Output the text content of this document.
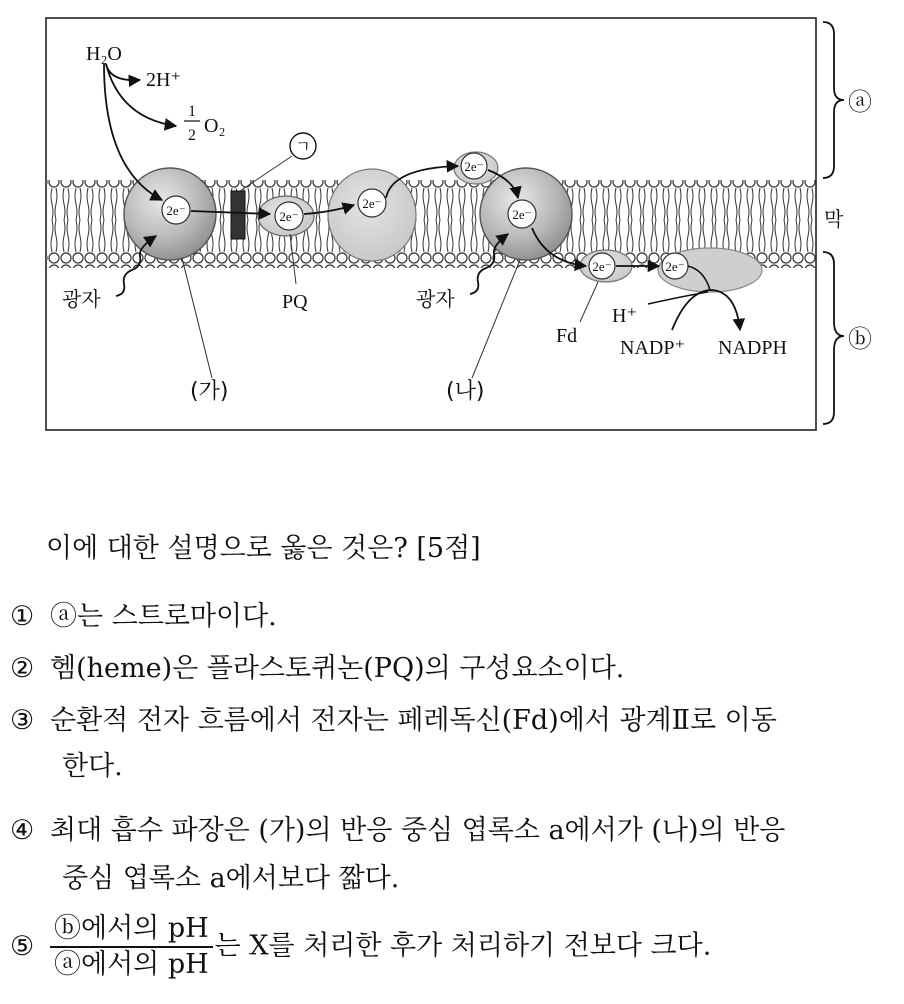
ⓐ
ⓑ
막
2e⁻	2e⁻
2e⁻
2e⁻
2e⁻
2e⁻	2e⁻
H₂O
2H⁺
1
2 O₂
ㄱ
광자	광자
PQ
Fd
H⁺
NADP⁺ NADPH
(가)	(나)
이에 대한 설명으로 옳은 것은? [5점]
① ⓐ는 스트로마이다.
② 헴(heme)은 플라스토퀴논(PQ)의 구성요소이다.
③ 순환적 전자 흐름에서 전자는 페레독신(Fd)에서 광계Ⅱ로 이동
한다.
④ 최대 흡수 파장은 (가)의 반응 중심 엽록소 a에서가 (나)의 반응
중심 엽록소 a에서보다 짧다.
⑤ $\frac{\text{ⓑ에서의 pH}}{\text{ⓐ에서의 pH}}$ 는 X를 처리한 후가 처리하기 전보다 크다.
